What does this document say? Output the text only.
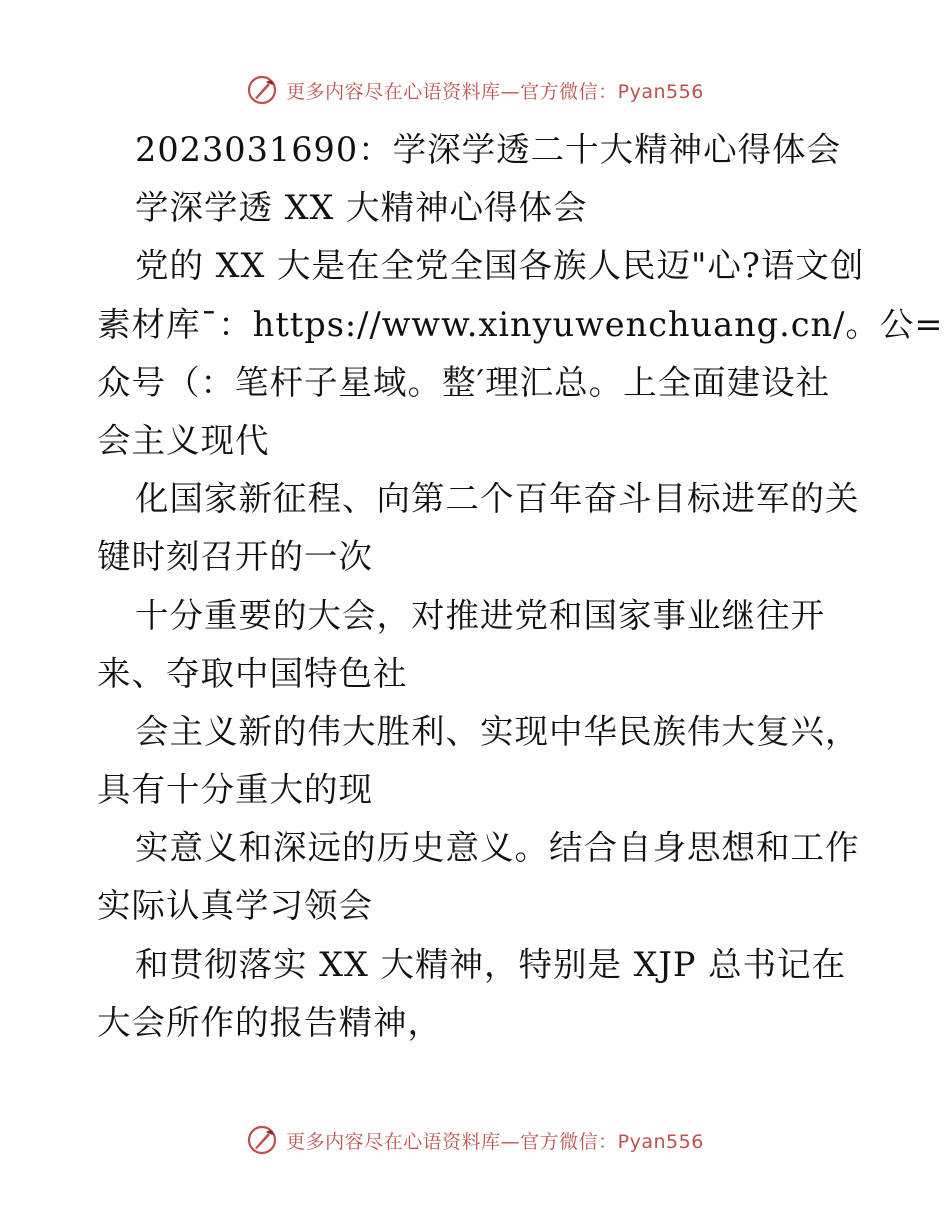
更多内容尽在心语资料库—官方微信：Pyan556
2023031690：学深学透二十大精神心得体会
学深学透 XX 大精神心得体会
党的 XX 大是在全党全国各族人民迈"心?语文创
素材库¯：https://www.xinyuwenchuang.cn/。公=
众号（：笔杆子星域。整′理汇总。上全面建设社
会主义现代
化国家新征程、向第二个百年奋斗目标进军的关
键时刻召开的一次
十分重要的大会，对推进党和国家事业继往开
来、夺取中国特色社
会主义新的伟大胜利、实现中华民族伟大复兴，
具有十分重大的现
实意义和深远的历史意义。结合自身思想和工作
实际认真学习领会
和贯彻落实 XX 大精神，特别是 XJP 总书记在
大会所作的报告精神，
更多内容尽在心语资料库—官方微信：Pyan556
